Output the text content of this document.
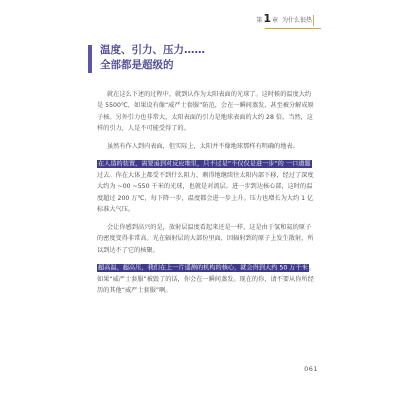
第 1 章 为什么很热
温度、引力、压力……
全部都是超级的

就在这么下述的过程中，就到认作为太阳表面的光球了。这时候的温度大约是 5500℃，如果设有像“威严士套服”防范，会在一瞬间蒸发，甚至被分解成原子核。另外引力也非常大，太阳表面的引力是地球表面的大约 28 倍。当然，这样的引力，人是不可能受得了的。

虽然有作人到内表面，但实际上，太阳并不像地球那样有明确的地表。

在人造的装置，需要追到对反应堆里，只不过是“不仅仅是进一步”的 一口道题过去。你在大体上都受不到什么阻力，剩得地继续往太阳内部下移，经过了深度大约为 ~00 ~550 千米的光球，也就是对流层。进一步到达核心部，这时的温度超过 200 万℃，每下降一步，温度都会进一步上升。压力也增长为大约 1 亿标准大气压。

会让你感到高兴的是，放射层温度看起来还是一样，这是由于氢和氦的原子的密度变得非常高。光在辐射层的大部份里面，因辐射到的原子上发生散射，所以到达不了它的核聚。

超高温、超高压，我们在上一片遥测的机构的核心，就会得到大约 50 万千米。如果“威严士套服”被毁了的话，你会在一瞬间蒸发。现在的你，请不要从你所经历的其他“威严士套服”啊。

061
